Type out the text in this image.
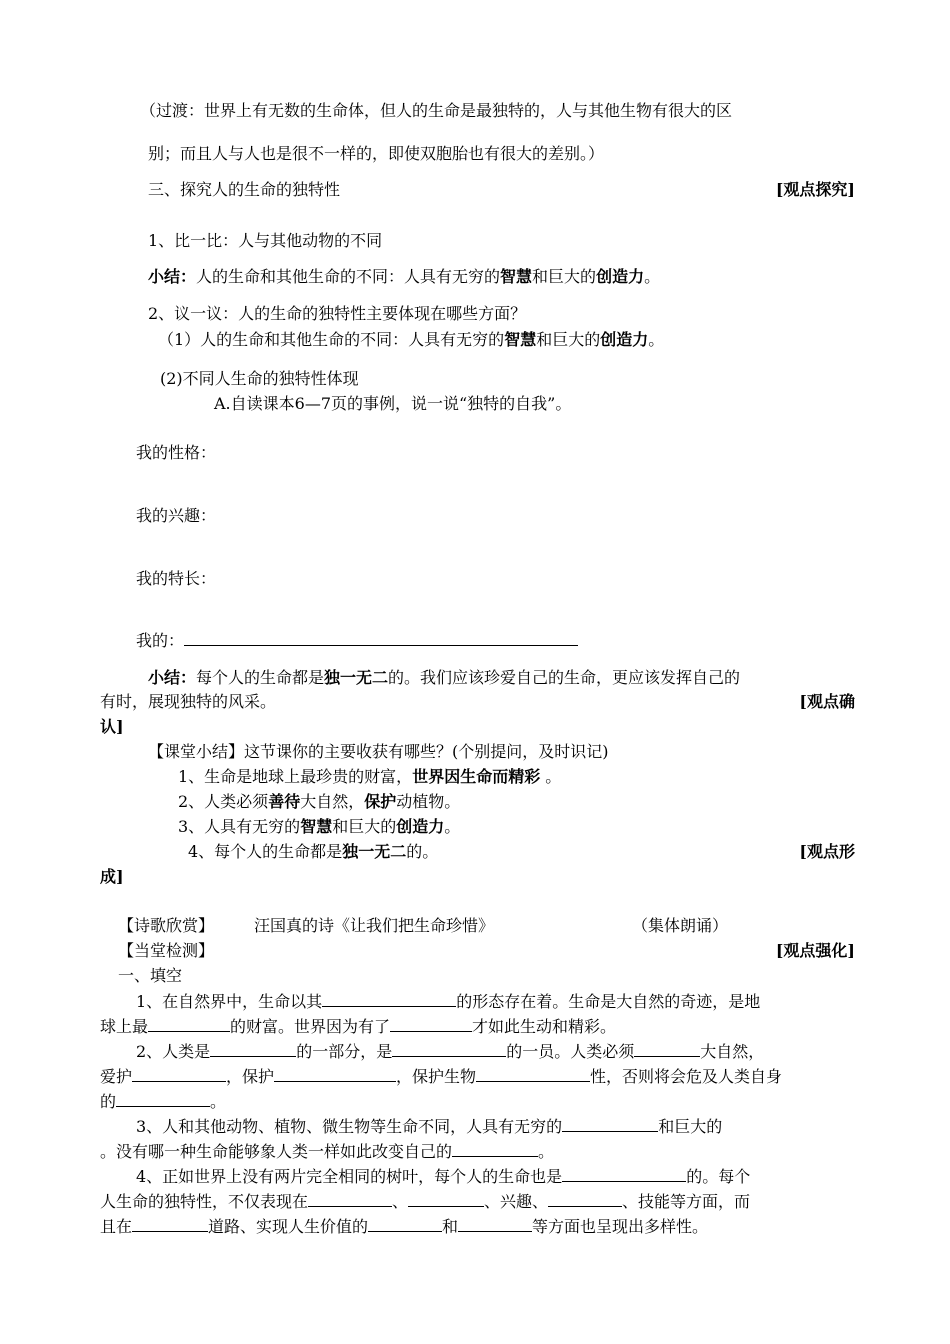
（过渡：世界上有无数的生命体，但人的生命是最独特的，人与其他生物有很大的区
别；而且人与人也是很不一样的，即使双胞胎也有很大的差别。）
三、探究人的生命的独特性	[观点探究]
1、比一比：人与其他动物的不同
小结：人的生命和其他生命的不同：人具有无穷的智慧和巨大的创造力。
2、议一议：人的生命的独特性主要体现在哪些方面？
（1）人的生命和其他生命的不同：人具有无穷的智慧和巨大的创造力。
(2)不同人生命的独特性体现
A.自读课本6—7页的事例，说一说“独特的自我”。
我的性格：
我的兴趣：
我的特长：
我的：
小结：每个人的生命都是独一无二的。我们应该珍爱自己的生命，更应该发挥自己的
有时，展现独特的风采。	[观点确
认]
【课堂小结】这节课你的主要收获有哪些？(个别提问，及时识记)
1、生命是地球上最珍贵的财富，世界因生命而精彩 。
2、人类必须善待大自然，保护动植物。
3、人具有无穷的智慧和巨大的创造力。
4、每个人的生命都是独一无二的。	[观点形
成]
【诗歌欣赏】 汪国真的诗《让我们把生命珍惜》	（集体朗诵）
【当堂检测】	[观点强化]
一、填空
1、在自然界中，生命以其	的形态存在着。生命是大自然的奇迹，是地
球上最	的财富。世界因为有了	才如此生动和精彩。
2、人类是	的一部分，是	的一员。人类必须	大自然，
爱护	，保护	，保护生物	性，否则将会危及人类自身
的	。
3、人和其他动物、植物、微生物等生命不同，人具有无穷的	和巨大的
。没有哪一种生命能够象人类一样如此改变自己的	。
4、正如世界上没有两片完全相同的树叶，每个人的生命也是	的。每个
人生命的独特性，不仅表现在	、	、兴趣、	、技能等方面，而
且在	道路、实现人生价值的	和	等方面也呈现出多样性。
